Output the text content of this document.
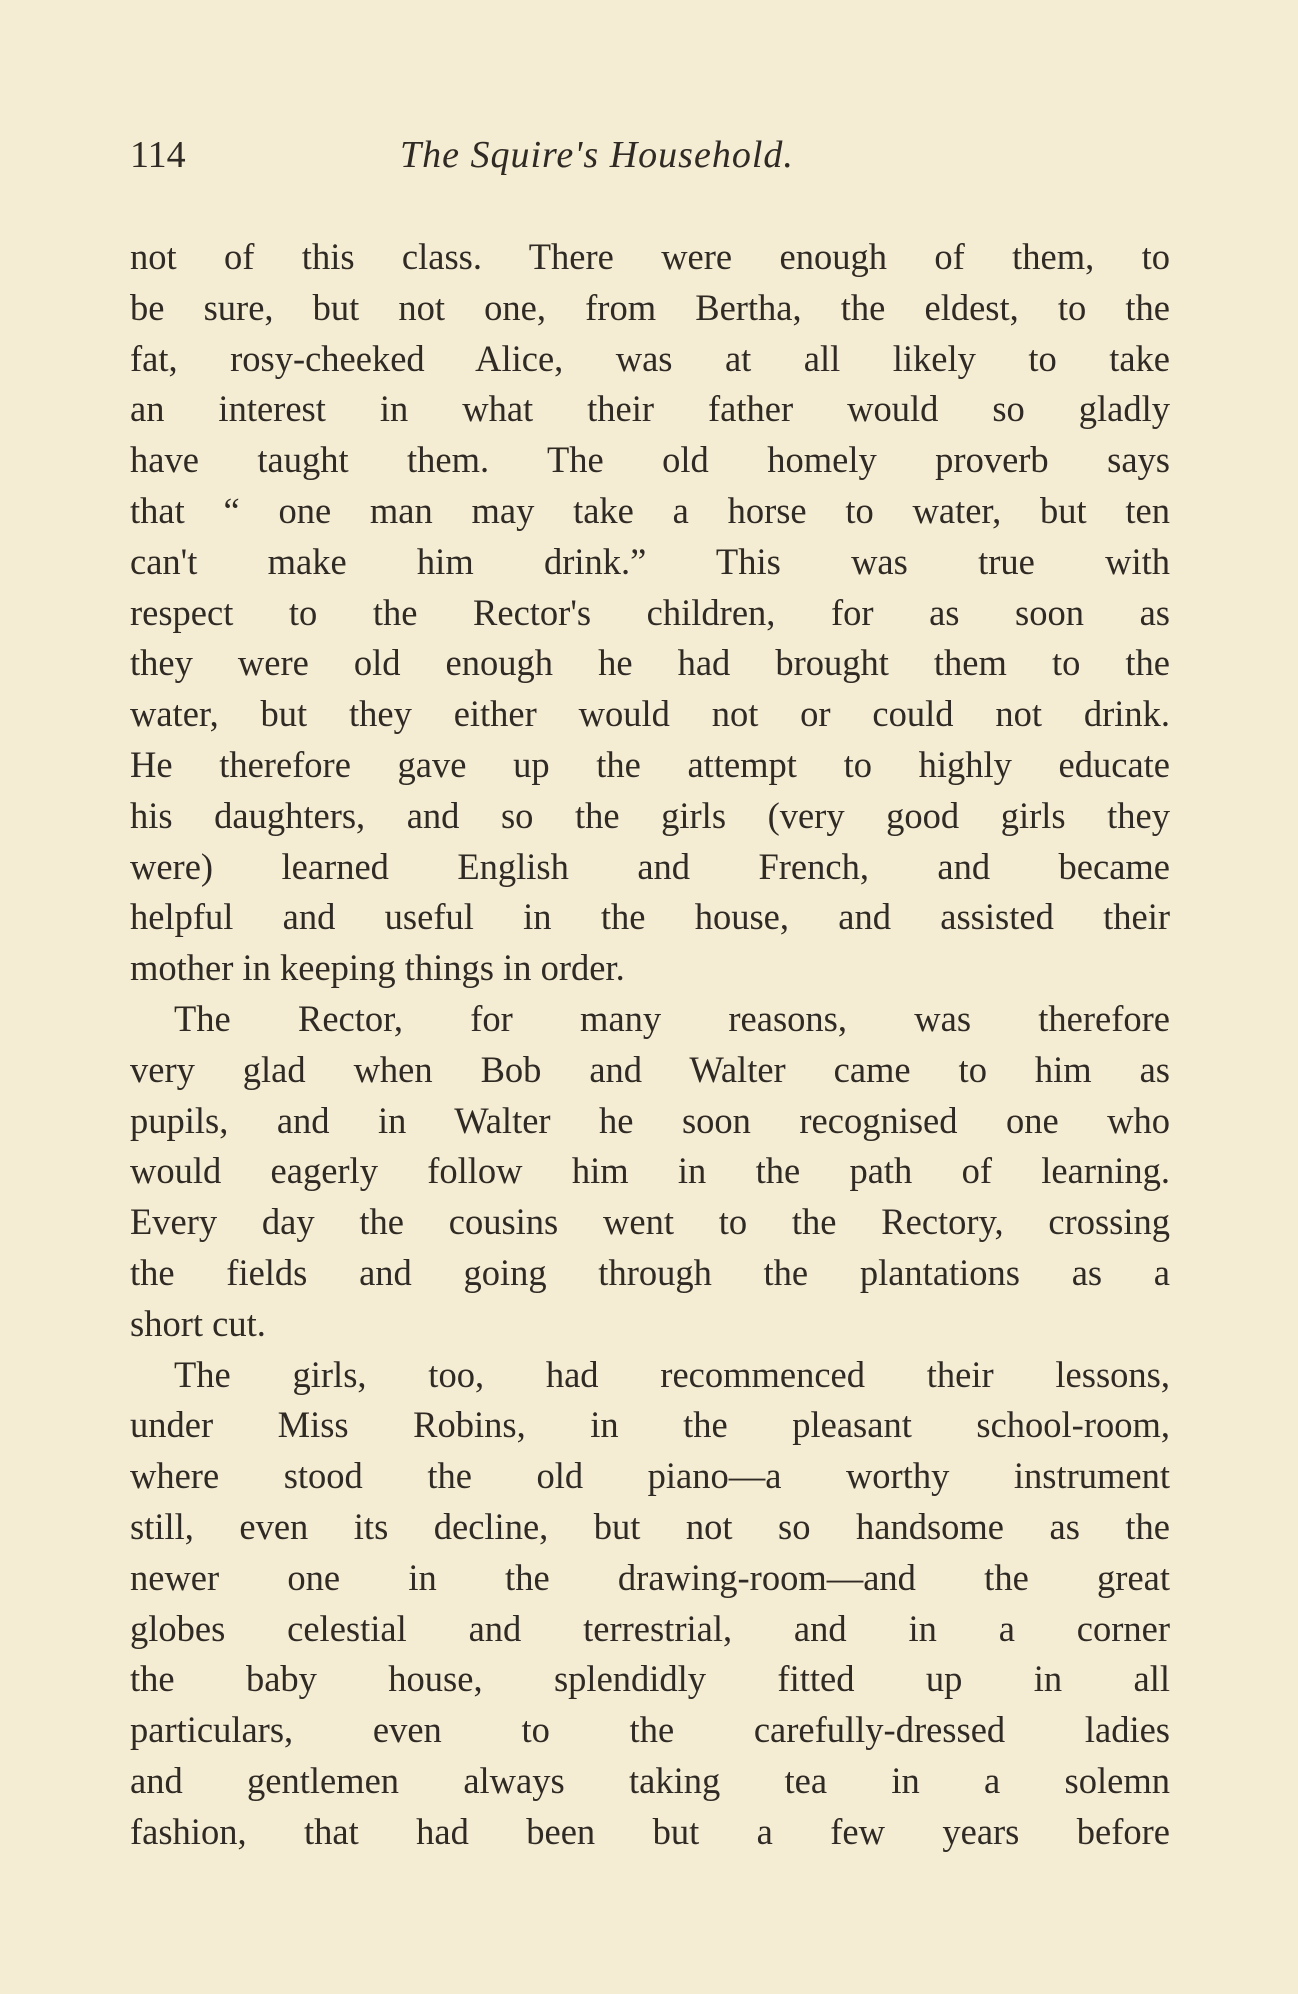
114	The Squire's Household.
not of this class. There were enough of them, to
be sure, but not one, from Bertha, the eldest, to the
fat, rosy-cheeked Alice, was at all likely to take
an interest in what their father would so gladly
have taught them. The old homely proverb says
that “ one man may take a horse to water, but ten
can't make him drink.” This was true with
respect to the Rector's children, for as soon as
they were old enough he had brought them to the
water, but they either would not or could not drink.
He therefore gave up the attempt to highly educate
his daughters, and so the girls (very good girls they
were) learned English and French, and became
helpful and useful in the house, and assisted their
mother in keeping things in order.
The Rector, for many reasons, was therefore
very glad when Bob and Walter came to him as
pupils, and in Walter he soon recognised one who
would eagerly follow him in the path of learning.
Every day the cousins went to the Rectory, crossing
the fields and going through the plantations as a
short cut.
The girls, too, had recommenced their lessons,
under Miss Robins, in the pleasant school-room,
where stood the old piano—a worthy instrument
still, even its decline, but not so handsome as the
newer one in the drawing-room—and the great
globes celestial and terrestrial, and in a corner
the baby house, splendidly fitted up in all
particulars, even to the carefully-dressed ladies
and gentlemen always taking tea in a solemn
fashion, that had been but a few years before
